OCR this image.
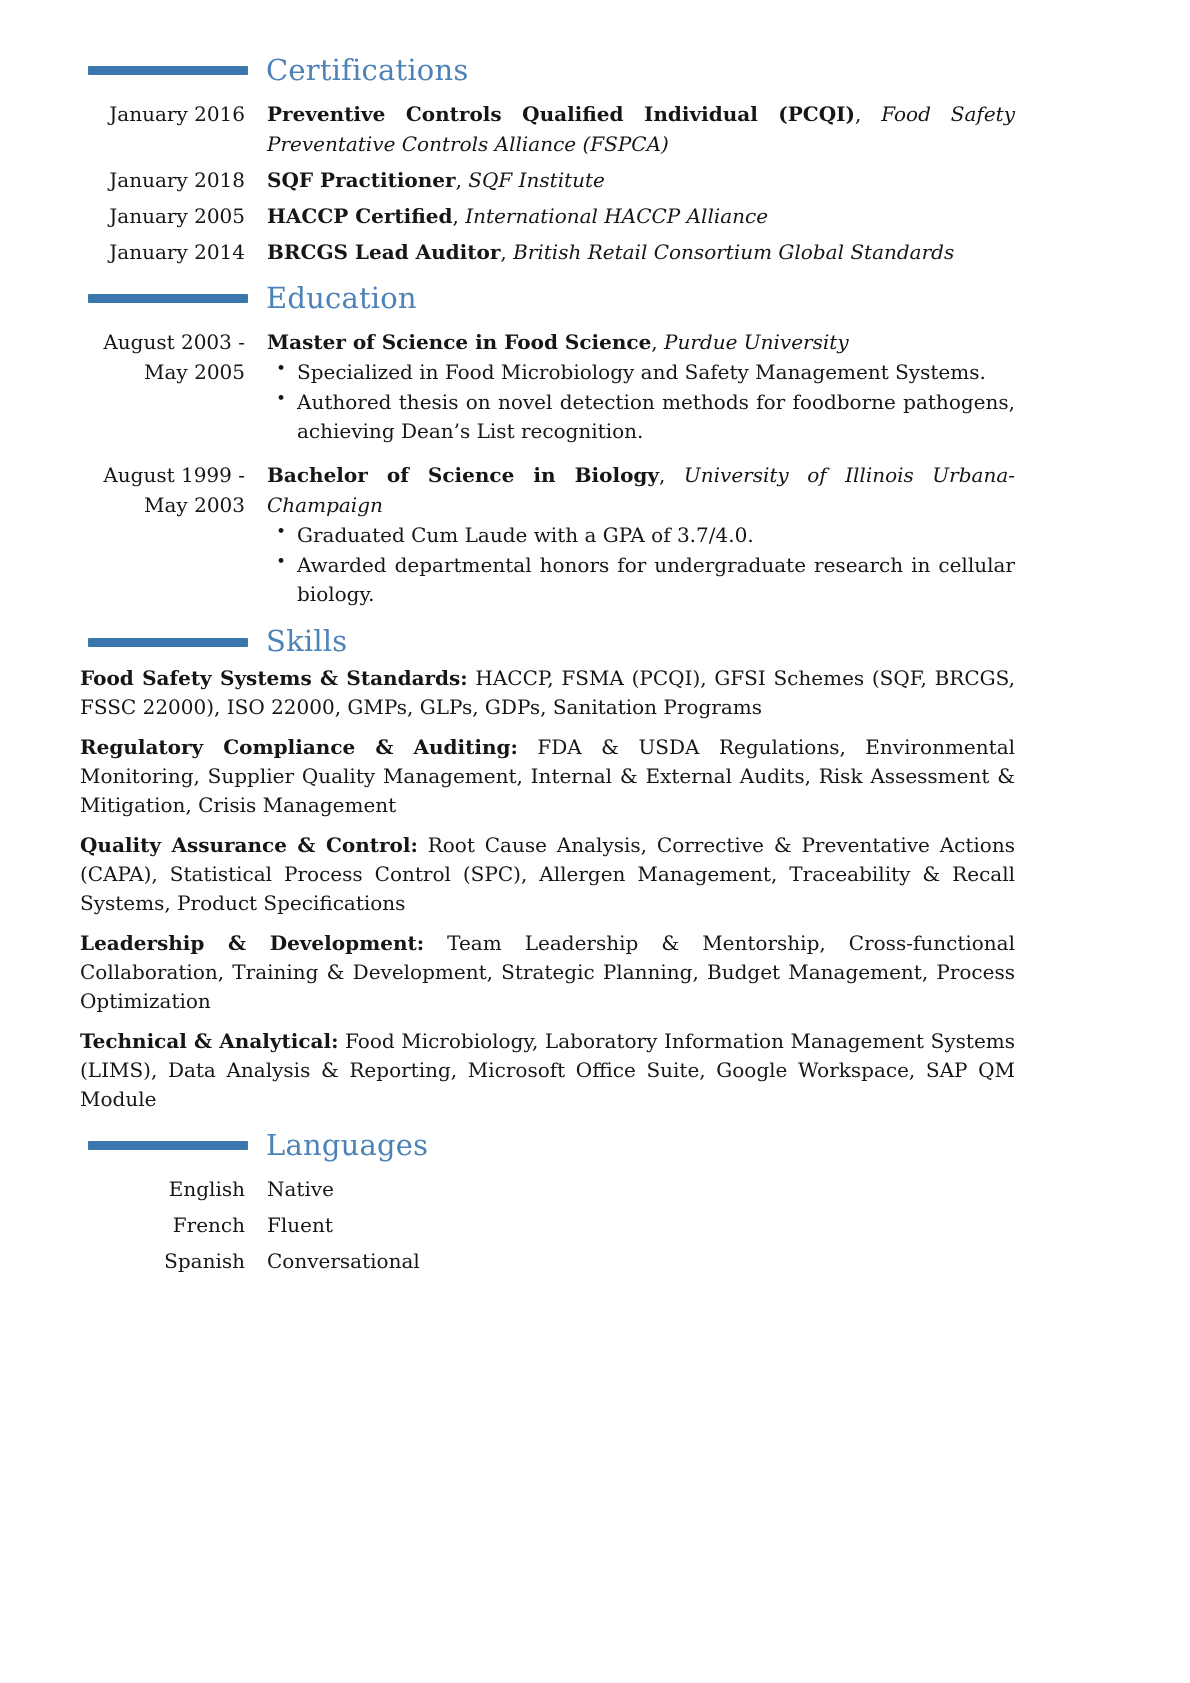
Certifications
January 2016 Preventive Controls Qualified Individual (PCQI) , Food Safety Preventative Controls Alliance (FSPCA)
January 2018 SQF Practitioner , SQF Institute
January 2005 HACCP Certified , International HACCP Alliance
January 2014 BRCGS Lead Auditor , British Retail Consortium Global Standards
Education
August 2003 -
May 2005
Master of Science in Food Science , Purdue University
• Specialized in Food Microbiology and Safety Management Systems.
• Authored thesis on novel detection methods for foodborne pathogens, achieving Dean’s List recognition.
August 1999 -
May 2003
Bachelor of Science in Biology , University of Illinois Urbana-Champaign
• Graduated Cum Laude with a GPA of 3.7/4.0.
• Awarded departmental honors for undergraduate research in cellular biology.
Skills

Food Safety Systems & Standards: HACCP, FSMA (PCQI), GFSI Schemes (SQF, BRCGS, FSSC 22000), ISO 22000, GMPs, GLPs, GDPs, Sanitation Programs

Regulatory Compliance & Auditing: FDA & USDA Regulations, Environmental Monitoring, Supplier Quality Management, Internal & External Audits, Risk Assessment & Mitigation, Crisis Management

Quality Assurance & Control: Root Cause Analysis, Corrective & Preventative Actions (CAPA), Statistical Process Control (SPC), Allergen Management, Traceability & Recall Systems, Product Specifications

Leadership & Development: Team Leadership & Mentorship, Cross-functional Collaboration, Training & Development, Strategic Planning, Budget Management, Process Optimization

Technical & Analytical: Food Microbiology, Laboratory Information Management Systems (LIMS), Data Analysis & Reporting, Microsoft Office Suite, Google Workspace, SAP QM Module

Languages
English Native
French Fluent
Spanish Conversational
